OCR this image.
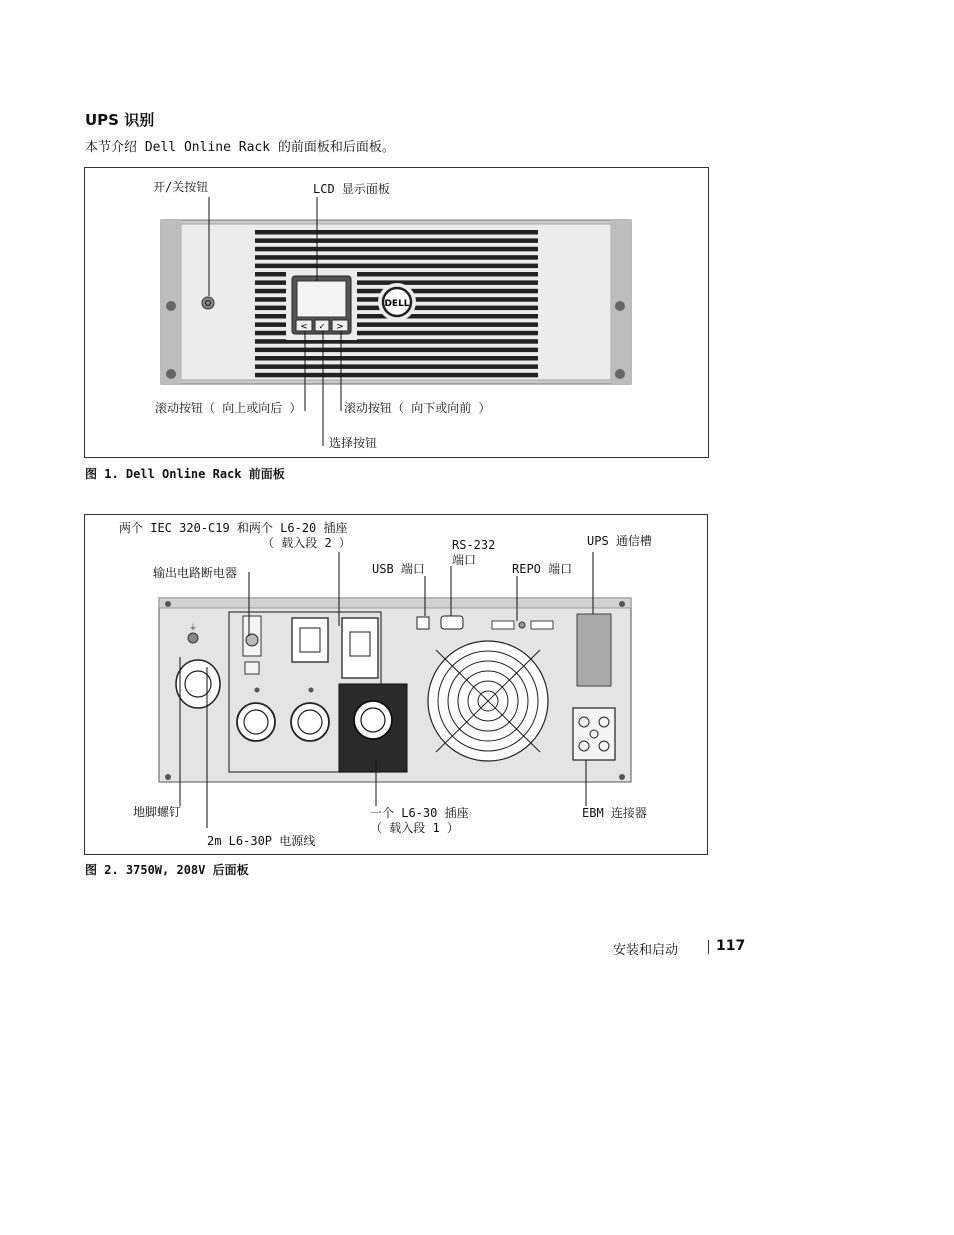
UPS 识别
本节介绍 Dell Online Rack 的前面板和后面板。
< ✓ >
DELL
开/关按钮	LCD 显示面板
滚动按钮（ 向上或向后 ）	滚动按钮（ 向下或向前 ）
选择按钮
图 1. Dell Online Rack 前面板
⏚
两个 IEC 320-C19 和两个 L6-20 插座
（ 载入段 2 ）
输出电路断电器	USB 端口
RS-232
端口
REPO 端口
UPS 通信槽
地脚螺钉
2m L6-30P 电源线
一个 L6-30 插座
（ 载入段 1 ）
EBM 连接器
图 2. 3750W, 208V 后面板
安装和启动	117
